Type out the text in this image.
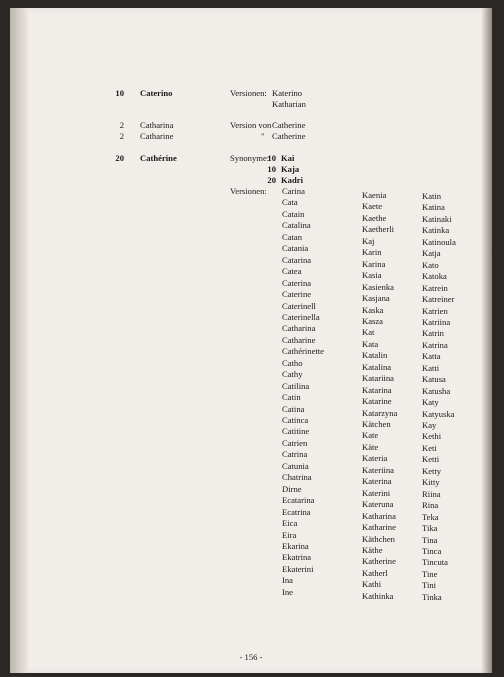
10 Caterino	Versionen: Katerino
Katharian
2 Catharina
2 Catharine
Version von Catherine
" Catherine
20 Cathérine	Synonyme:
10 Kai
10 Kaja
20 Kadri
Versionen: Carina
Cata
Catain
Catalina
Catan
Catania
Catarina
Catea
Caterina
Caterine
Caterinell
Caterinella
Catharina
Catharine
Cathérinette
Catho
Cathy
Catilina
Catin
Catina
Catinca
Catitine
Catrien
Catrina
Catunia
Chatrina
Dirne
Ecatarina
Ecatrina
Eica
Eira
Ekarina
Ekatrina
Ekaterini
Ina
Ine
Kaenia
Kaete
Kaethe
Kaetherli
Kaj
Karin
Karina
Kasia
Kasienka
Kasjana
Kaska
Kasza
Kat
Kata
Katalin
Katalina
Katariina
Katarina
Katarine
Katarzyna
Kätchen
Kate
Käte
Kateria
Kateriina
Katerina
Katerini
Kateruna
Katharina
Katharine
Käthchen
Käthe
Katherine
Katherl
Kathi
Kathinka
Katin
Katina
Katinaki
Katinka
Katinoula
Katja
Kato
Katoka
Katrein
Katreiner
Katrien
Katriina
Katrin
Katrina
Katta
Katti
Katusa
Katusha
Katy
Katyuska
Kay
Kethi
Keti
Ketti
Ketty
Kitty
Riina
Rina
Teka
Tika
Tina
Tinca
Tincuta
Tine
Tini
Tinka
- 156 -
